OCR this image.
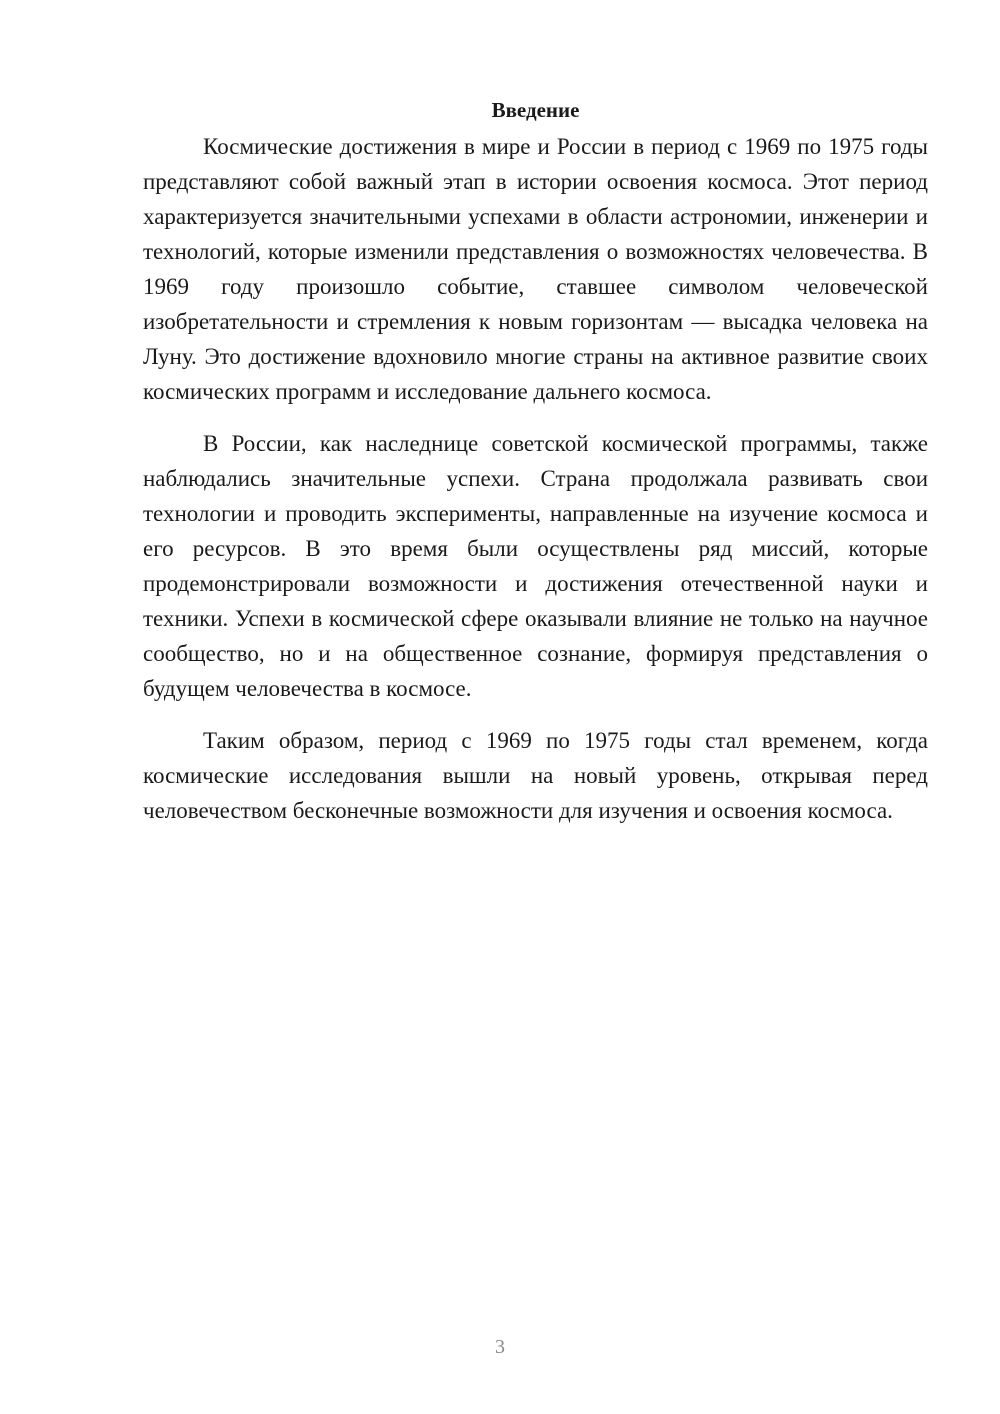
Введение

Космические достижения в мире и России в период с 1969 по 1975 годы представляют собой важный этап в истории освоения космоса. Этот период характеризуется значительными успехами в области астрономии, инженерии и технологий, которые изменили представления о возможностях человечества. В 1969 году произошло событие, ставшее символом человеческой изобретательности и стремления к новым горизонтам — высадка человека на Луну. Это достижение вдохновило многие страны на активное развитие своих космических программ и исследование дальнего космоса.

В России, как наследнице советской космической программы, также наблюдались значительные успехи. Страна продолжала развивать свои технологии и проводить эксперименты, направленные на изучение космоса и его ресурсов. В это время были осуществлены ряд миссий, которые продемонстрировали возможности и достижения отечественной науки и техники. Успехи в космической сфере оказывали влияние не только на научное сообщество, но и на общественное сознание, формируя представления о будущем человечества в космосе.

Таким образом, период с 1969 по 1975 годы стал временем, когда космические исследования вышли на новый уровень, открывая перед человечеством бесконечные возможности для изучения и освоения космоса.

3
